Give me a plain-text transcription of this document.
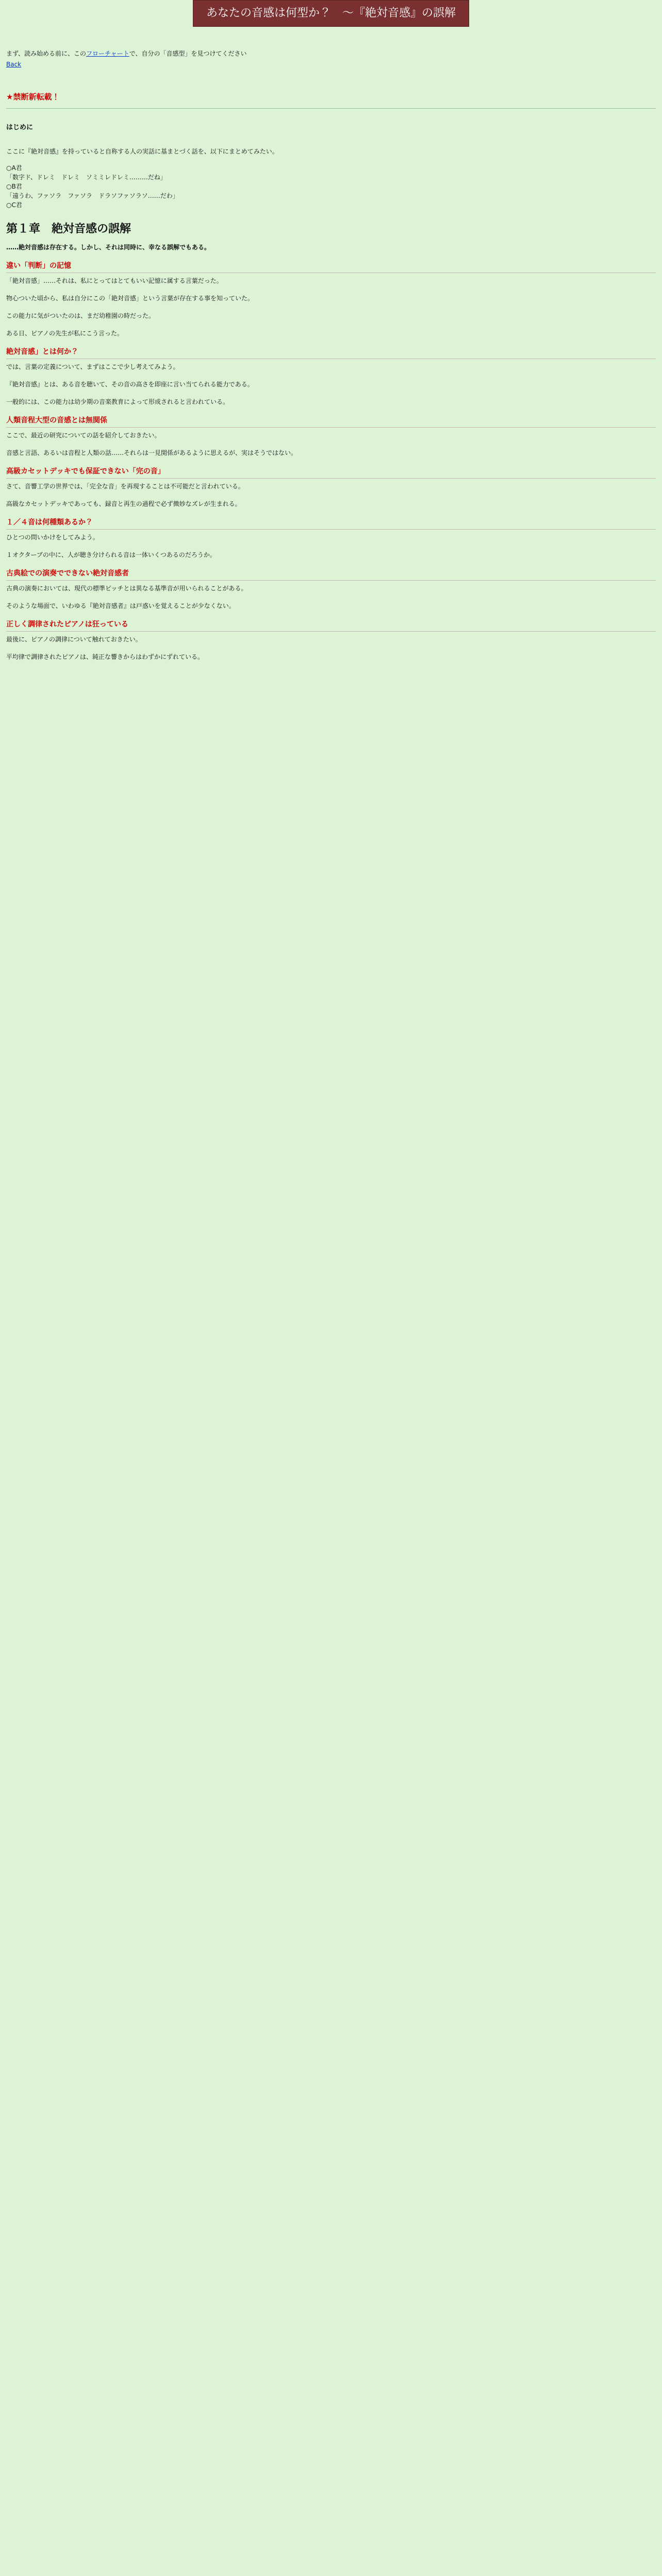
あなたの音感は何型か？　～『絶対音感』の誤解
まず、読み始める前に、このフローチャートで、自分の「音感型」を見つけてください
Back
★禁断新転載！
はじめに

ここに『絶対音感』を持っていると自称する人の実話に基まとづく話を、以下にまとめてみたい。

○A君
「数字ド、ドレミ　ドレミ　ソミミレドレミ………だね」
○B君
「遠うわ、ファソラ　ファソラ　ドラソファソラソ……だわ」
○C君
第１章　絶対音感の誤解
……絶対音感は存在する。しかし、それは同時に、幸なる誤解でもある。
違い「判断」の記憶

「絶対音感」……それは、私にとってはとてもいい記憶に属する言葉だった。

物心ついた頃から、私は自分にこの「絶対音感」という言葉が存在する事を知っていた。

この能力に気がついたのは、まだ幼稚園の時だった。

ある日、ピアノの先生が私にこう言った。

絶対音感」とは何か？

では、言葉の定義について、まずはここで少し考えてみよう。

『絶対音感』とは、ある音を聴いて、その音の高さを即座に言い当てられる能力である。

一般的には、この能力は幼少期の音楽教育によって形成されると言われている。

人類音程大型の音感とは無関係

ここで、最近の研究についての話を紹介しておきたい。

音感と言語、あるいは音程と人類の話……それらは一見関係があるように思えるが、実はそうではない。

高級カセットデッキでも保証できない「完の音」

さて、音響工学の世界では、「完全な音」を再現することは不可能だと言われている。

高級なカセットデッキであっても、録音と再生の過程で必ず微妙なズレが生まれる。

１／４音は何種類あるか？

ひとつの問いかけをしてみよう。

１オクターブの中に、人が聴き分けられる音は一体いくつあるのだろうか。

古典絵での演奏でできない絶対音感者

古典の演奏においては、現代の標準ピッチとは異なる基準音が用いられることがある。

そのような場面で、いわゆる『絶対音感者』は戸惑いを覚えることが少なくない。

正しく調律されたピアノは狂っている

最後に、ピアノの調律について触れておきたい。

平均律で調律されたピアノは、純正な響きからはわずかにずれている。
